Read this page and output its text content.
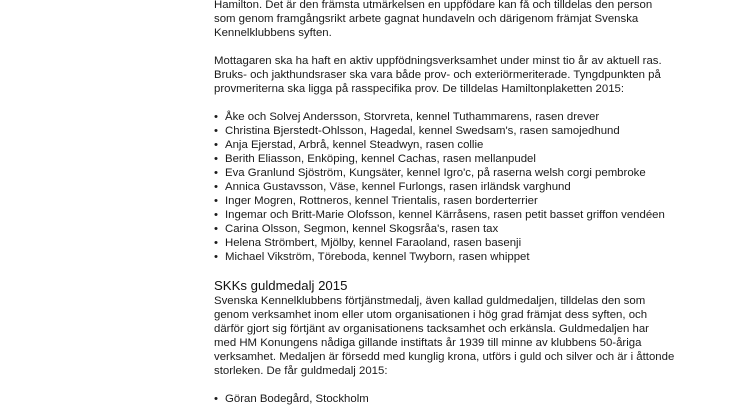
Hamilton. Det är den främsta utmärkelsen en uppfödare kan få och tilldelas den person
som genom framgångsrikt arbete gagnat hundaveln och därigenom främjat Svenska
Kennelklubbens syften.

Mottagaren ska ha haft en aktiv uppfödningsverksamhet under minst tio år av aktuell ras.
Bruks- och jakthundsraser ska vara både prov- och exteriörmeriterade. Tyngdpunkten på
provmeriterna ska ligga på rasspecifika prov. De tilldelas Hamiltonplaketten 2015:

• Åke och Solvej Andersson, Storvreta, kennel Tuthammarens, rasen drever
• Christina Bjerstedt-Ohlsson, Hagedal, kennel Swedsam's, rasen samojedhund
• Anja Ejerstad, Arbrå, kennel Steadwyn, rasen collie
• Berith Eliasson, Enköping, kennel Cachas, rasen mellanpudel
• Eva Granlund Sjöström, Kungsäter, kennel Igro'c, på raserna welsh corgi pembroke
• Annica Gustavsson, Väse, kennel Furlongs, rasen irländsk varghund
• Inger Mogren, Rottneros, kennel Trientalis, rasen borderterrier
• Ingemar och Britt-Marie Olofsson, kennel Kärråsens, rasen petit basset griffon vendéen
• Carina Olsson, Segmon, kennel Skogsråa's, rasen tax
• Helena Strömbert, Mjölby, kennel Faraoland, rasen basenji
• Michael Vikström, Töreboda, kennel Twyborn, rasen whippet
SKKs guldmedalj 2015

Svenska Kennelklubbens förtjänstmedalj, även kallad guldmedaljen, tilldelas den som
genom verksamhet inom eller utom organisationen i hög grad främjat dess syften, och
därför gjort sig förtjänt av organisationens tacksamhet och erkänsla. Guldmedaljen har
med HM Konungens nådiga gillande instiftats år 1939 till minne av klubbens 50-åriga
verksamhet. Medaljen är försedd med kunglig krona, utförs i guld och silver och är i åttonde
storleken. De får guldmedalj 2015:

• Göran Bodegård, Stockholm
